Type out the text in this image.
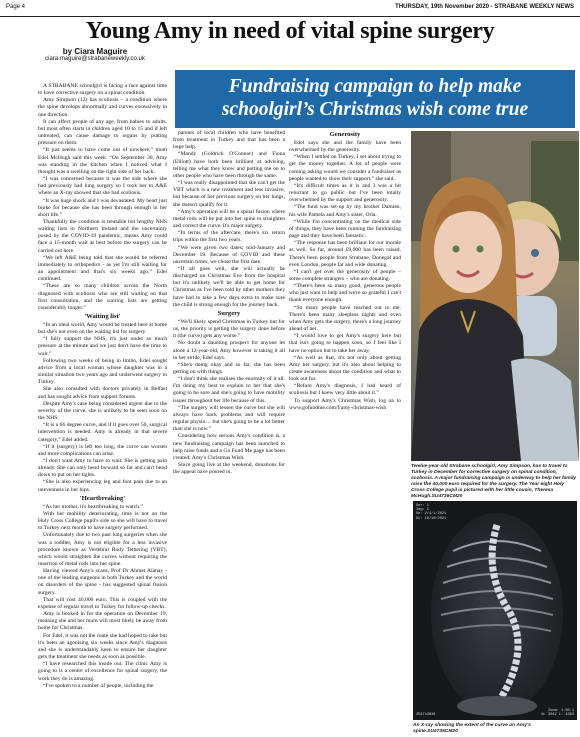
Page 4	THURSDAY, 19th November 2020 - STRABANE WEEKLY NEWS
Young Amy in need of vital spine surgery
by Ciara Maguire
ciara.maguire@strabaneweekly.co.uk
Fundraising campaign to help make
schoolgirl’s Christmas wish come true

A STRABANE schoolgirl is facing a race against time to have corrective surgery on a spinal condition.

Amy Simpson (12) has scoliosis – a condition where the spine develops abnormally and curves excessively in one direction.

It can affect people of any age, from babies to adults, but most often starts in children aged 10 to 15 and if left untreated, can cause damage to organs by putting pressure on them.

“It just seems to have come out of nowhere,” mum Edel McHugh said this week. “On September 30, Amy was standing in the kitchen when I noticed what I thought was a swelling on the right side of her back.

“I was concerned because it was the side where she had previously had lung surgery so I took her to A&E where an X-ray showed that she had scoliosis.

“It was huge shock and I was devastated. My heart just broke for because she has been through enough in her short life.”

Thankfully the condition is treatable but lengthy NHS waiting lists in Northern Ireland and the uncertainty posed by the COVID-19 pandemic, means Amy could face a 15-month wait at best before the surgery can be carried out here.

“We left A&E being told that she would be referred immediately to orthopedics - as yet I'm still waiting for an appointment and that's six weeks ago,” Edel continued.

“These are so many children across the North diagnosed with scoliosis who are still waiting on that first consultation, and the waiting lists are getting considerably longer.”

'Waiting list'

“In an ideal world, Amy would be treated here at home but she's not even on the waiting list for surgery.

“I fully support the NHS, it's just under so much pressure at the minute and we just don't have the time to wait.”

Following two weeks of being in limbo, Edel sought advice from a local woman whose daughter was in a similar situation two years ago and underwent surgery in Turkey.

She also consulted with doctors privately in Belfast and has sought advice from support forums.

Despite Amy's case being considered urgent due to the severity of the curve, she is unlikely to be seen soon on the NHS.

“It is a 66 degree curve, and if it goes over 50, surgical intervention is needed. Amy is already in that severe category,” Edel added.

“If it (surgery) is left too long, the curve can worsen and more complications can arise.

“I don't want Amy to have to wait. She is getting pain already. She can only bend forward so far and can't bend down to put on her tights.

“She is also experiencing leg and foot pain due to an unevenness in her hips.

'Heartbreaking'

“As her mother, it's heartbreaking to watch.”

With her mobility deteriorating, time is not on the Holy Cross College pupil's side so she will have to travel to Turkey next month to have surgery performed.

Unfortunately due to two past lung surgeries when she was a toddler, Amy is not eligible for a less invasive procedure known as Vertebral Body Tethering (VBT), which would straighten the curves without requiring the insertion of metal rods into her spine.

Having viewed Amy's scans, Prof Dr Ahmet Alanay - one of the leading surgeons in both Turkey and the world on disorders of the spine - has suggested spinal fusion surgery.

That will cost 40,000 euro. This is coupled with the expense of regular travel to Turkey for follow-up checks.

Amy is booked in for the operation on December 19, meaning she and her mum will most likely be away from home for Christmas.

For Edel, it was not the route she had hoped to take but it's been an agonising six weeks since Amy's diagnosis and she is understandably keen to ensure her daughter gets the treatment she needs as soon as possible.

“I have researched this inside out. The clinic Amy is going to is a centre of excellence for spinal surgery, the work they do is amazing.

“I've spoken to a number of people, including the

parents of local children who have benefited from treatment in Turkey and that has been a huge help.

“Mandy (Goldrick O'Connor) and Fiona (Elliott) have both been brilliant at advising, telling me what they know and putting me on to other people who have been through the same.

“I was really disappointed that she can't get the VBT which is a new treatment and less invasive, but because of her previous surgery on her lungs, she doesn't qualify for it.

“Amy's operation will be a spinal fusion where metal rods will be put into her spine to straighten and correct the curve. It's major surgery.

“In terms of the aftercare, there's six return trips within the first two years.

“We were given two dates; mid-January and December 19. Because of COVID and these uncertain times, we chose the first date.

“If all goes well, she will actually be discharged on Christmas Eve from the hospital but it's unlikely we'll be able to get home for Christmas as I've been told by other mothers they have had to take a few days extra to make sure the child is strong enough for the journey back.

Surgery

“We'll likely spend Christmas in Turkey but for us, the priority is getting the surgery done before it (the curve) gets any worse.”

No doubt a daunting prospect for anyone let alone a 12-year-old, Amy however is taking it all in her stride, Edel says.

“She's doing okay and so far, she has been getting on with things.

“I don't think she realises the enormity of it all. I'm doing my best to explain to her that she's going to be sore and she's going to have mobility issues throughout her life because of this.

“The surgery will lessen the curve but she will always have back problems and will require regular physio… but she's going to be a lot better than she is now.”

Considering how serious Amy's condition is, a new fundraising campaign has been launched to help raise funds and a Go Fund Me page has been created: Amy's Christmas Wish.

Since going live at the weekend, donations for the appeal have poured in.

Generosity

Edel says she and the family have been overwhelmed by the generosity.

“When I settled on Turkey, I set about trying to get the money together. A lot of people were coming asking would we consider a fundraiser as people wanted to show their support,” she said.

“It's difficult times as it is and I was a bit reluctant to go public but I've been totally overwhelmed by the support and generosity.

“The fund was set-up by my brother Damien, his wife Pamela and Amy's sister, Orla.

“While I'm concentrating on the medical side of things, they have been running the fundraising page and they have been fantastic.

“The response has been brilliant for our morale as well. So far, around £9,000 has been raised. There's been people from Strabane, Donegal and even London, people far and wide donating.

“I can't get over the generosity of people – some complete strangers – who are donating.

“There's been so many good, generous people who just want to help and we're so grateful I can't thank everyone enough.

“So many people have reached out to me. There's been many sleepless nights and even when Amy gets the surgery, there's a long journey ahead of her.

“I would love to get Amy's surgery here but that isn't going to happen soon, so I feel like I have no option but to take her away.

“As well as that, it's not only about getting Amy her surgery, but it's also about helping to create awareness about the condition and what to look out for.

“Before Amy's diagnosis, I had heard of scoliosis but I knew very little about it.”

To support Amy's Christmas Wish, log on to www.gofundme.com/f/amy-christmas-wish

Twelve-year-old Strabane schoolgirl, Amy Simpson, has to travel to Turkey in December for corrective surgery on spinal condition, scoliosis. A major fundraising campaign is underway to help her family raise the 40,000 euro required for the surgery. The Year eight Holy Cross College pupil is pictured with her little cousin, Theresa McHugh.SU4736CM20
Ser: 1
Img: 1
Se: 2/4/1/2021
St: 10/10/2021
Zoom: 1.00:1
W: 3042 L: 4383
2567x3036
An X-ray showing the extent of the curve on Amy's spine.SU4735CM20
